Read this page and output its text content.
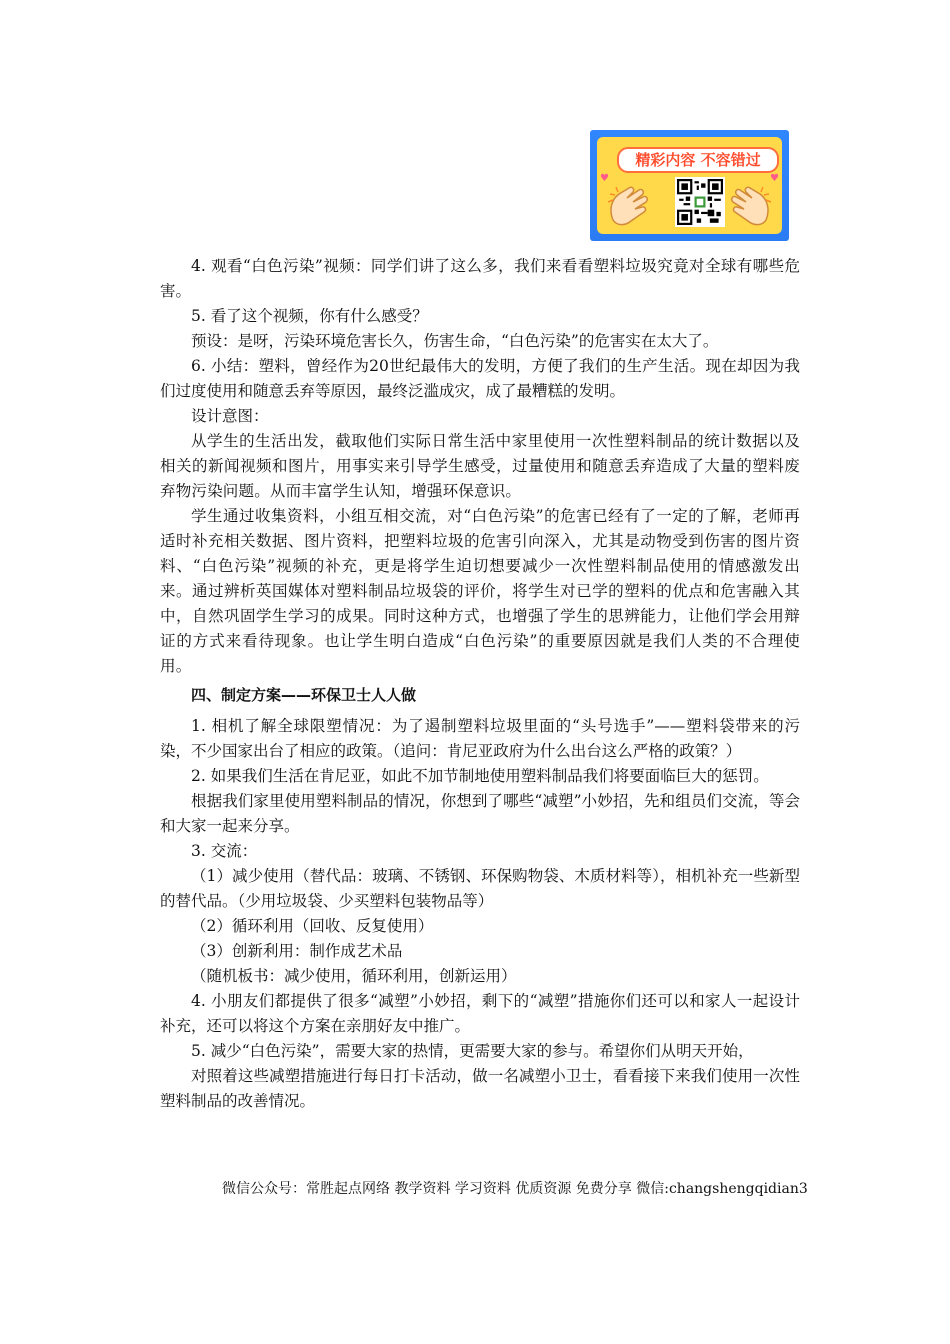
精彩内容 不容错过
♥	♥

4. 观看“白色污染”视频：同学们讲了这么多，我们来看看塑料垃圾究竟对全球有哪些危害。

5. 看了这个视频，你有什么感受？

预设：是呀，污染环境危害长久，伤害生命，“白色污染”的危害实在太大了。

6. 小结：塑料，曾经作为20世纪最伟大的发明，方便了我们的生产生活。现在却因为我们过度使用和随意丢弃等原因，最终泛滥成灾，成了最糟糕的发明。

设计意图：

从学生的生活出发，截取他们实际日常生活中家里使用一次性塑料制品的统计数据以及相关的新闻视频和图片，用事实来引导学生感受，过量使用和随意丢弃造成了大量的塑料废弃物污染问题。从而丰富学生认知，增强环保意识。

学生通过收集资料，小组互相交流，对“白色污染”的危害已经有了一定的了解，老师再适时补充相关数据、图片资料，把塑料垃圾的危害引向深入，尤其是动物受到伤害的图片资料、“白色污染”视频的补充，更是将学生迫切想要减少一次性塑料制品使用的情感激发出来。通过辨析英国媒体对塑料制品垃圾袋的评价，将学生对已学的塑料的优点和危害融入其中，自然巩固学生学习的成果。同时这种方式，也增强了学生的思辨能力，让他们学会用辩证的方式来看待现象。也让学生明白造成“白色污染”的重要原因就是我们人类的不合理使用。

四、制定方案——环保卫士人人做

1. 相机了解全球限塑情况：为了遏制塑料垃圾里面的“头号选手”——塑料袋带来的污染，不少国家出台了相应的政策。（追问：肯尼亚政府为什么出台这么严格的政策？）

2. 如果我们生活在肯尼亚，如此不加节制地使用塑料制品我们将要面临巨大的惩罚。

根据我们家里使用塑料制品的情况，你想到了哪些“减塑”小妙招，先和组员们交流，等会和大家一起来分享。

3. 交流：

（1）减少使用（替代品：玻璃、不锈钢、环保购物袋、木质材料等），相机补充一些新型的替代品。（少用垃圾袋、少买塑料包装物品等）

（2）循环利用（回收、反复使用）

（3）创新利用：制作成艺术品

（随机板书：减少使用，循环利用，创新运用）

4. 小朋友们都提供了很多“减塑”小妙招，剩下的“减塑”措施你们还可以和家人一起设计补充，还可以将这个方案在亲朋好友中推广。

5. 减少“白色污染”，需要大家的热情，更需要大家的参与。希望你们从明天开始，

对照着这些减塑措施进行每日打卡活动，做一名减塑小卫士，看看接下来我们使用一次性塑料制品的改善情况。

微信公众号：常胜起点网络 教学资料 学习资料 优质资源 免费分享 微信:changshengqidian3
